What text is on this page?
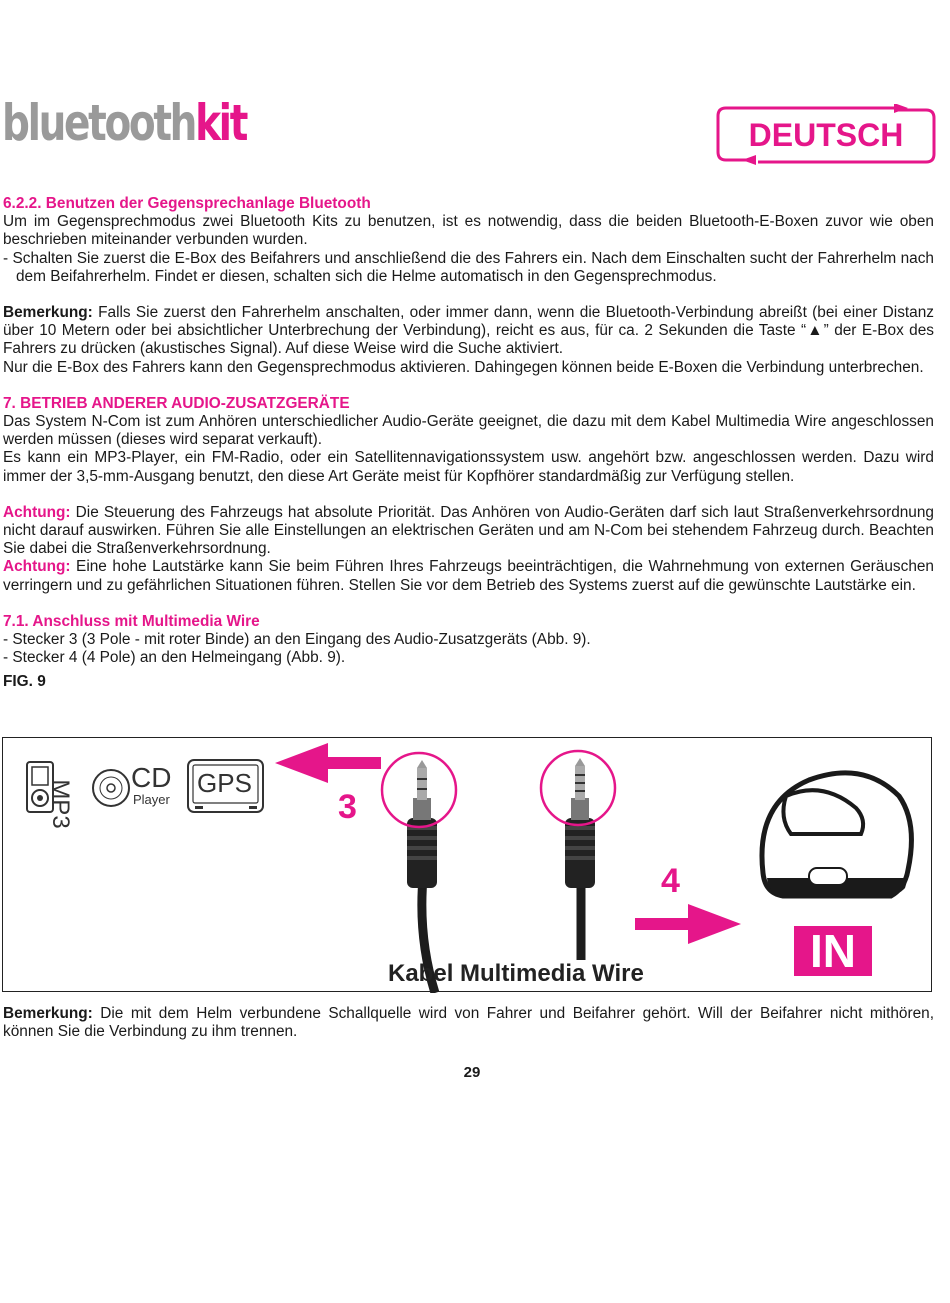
bluetoothkit	DEUTSCH

6.2.2. Benutzen der Gegensprechanlage Bluetooth

Um im Gegensprechmodus zwei Bluetooth Kits zu benutzen, ist es notwendig, dass die beiden Bluetooth-E-Boxen zuvor wie oben beschrieben miteinander verbunden wurden.

- Schalten Sie zuerst die E-Box des Beifahrers und anschließend die des Fahrers ein. Nach dem Einschalten sucht der Fahrerhelm nach dem Beifahrerhelm. Findet er diesen, schalten sich die Helme automatisch in den Gegensprechmodus.

Bemerkung: Falls Sie zuerst den Fahrerhelm anschalten, oder immer dann, wenn die Bluetooth-Verbindung abreißt (bei einer Distanz über 10 Metern oder bei absichtlicher Unterbrechung der Verbindung), reicht es aus, für ca. 2 Sekunden die Taste “▲” der E-Box des Fahrers zu drücken (akustisches Signal). Auf diese Weise wird die Suche aktiviert.

Nur die E-Box des Fahrers kann den Gegensprechmodus aktivieren. Dahingegen können beide E-Boxen die Verbindung unterbrechen.

7. BETRIEB ANDERER AUDIO-ZUSATZGERÄTE

Das System N-Com ist zum Anhören unterschiedlicher Audio-Geräte geeignet, die dazu mit dem Kabel Multimedia Wire angeschlossen werden müssen (dieses wird separat verkauft).

Es kann ein MP3-Player, ein FM-Radio, oder ein Satellitennavigationssystem usw. angehört bzw. angeschlossen werden. Dazu wird immer der 3,5-mm-Ausgang benutzt, den diese Art Geräte meist für Kopfhörer standardmäßig zur Verfügung stellen.

Achtung: Die Steuerung des Fahrzeugs hat absolute Priorität. Das Anhören von Audio-Geräten darf sich laut Straßenverkehrsordnung nicht darauf auswirken. Führen Sie alle Einstellungen an elektrischen Geräten und am N-Com bei stehendem Fahrzeug durch. Beachten Sie dabei die Straßenverkehrsordnung.

Achtung: Eine hohe Lautstärke kann Sie beim Führen Ihres Fahrzeugs beeinträchtigen, die Wahrnehmung von externen Geräuschen verringern und zu gefährlichen Situationen führen. Stellen Sie vor dem Betrieb des Systems zuerst auf die gewünschte Lautstärke ein.

7.1. Anschluss mit Multimedia Wire

- Stecker 3 (3 Pole - mit roter Binde) an den Eingang des Audio-Zusatzgeräts (Abb. 9).

- Stecker 4 (4 Pole) an den Helmeingang (Abb. 9).

FIG. 9

MP3
CD
Player
GPS
3
4
IN
Kabel Multimedia Wire

Bemerkung: Die mit dem Helm verbundene Schallquelle wird von Fahrer und Beifahrer gehört. Will der Beifahrer nicht mithören, können Sie die Verbindung zu ihm trennen.

29
